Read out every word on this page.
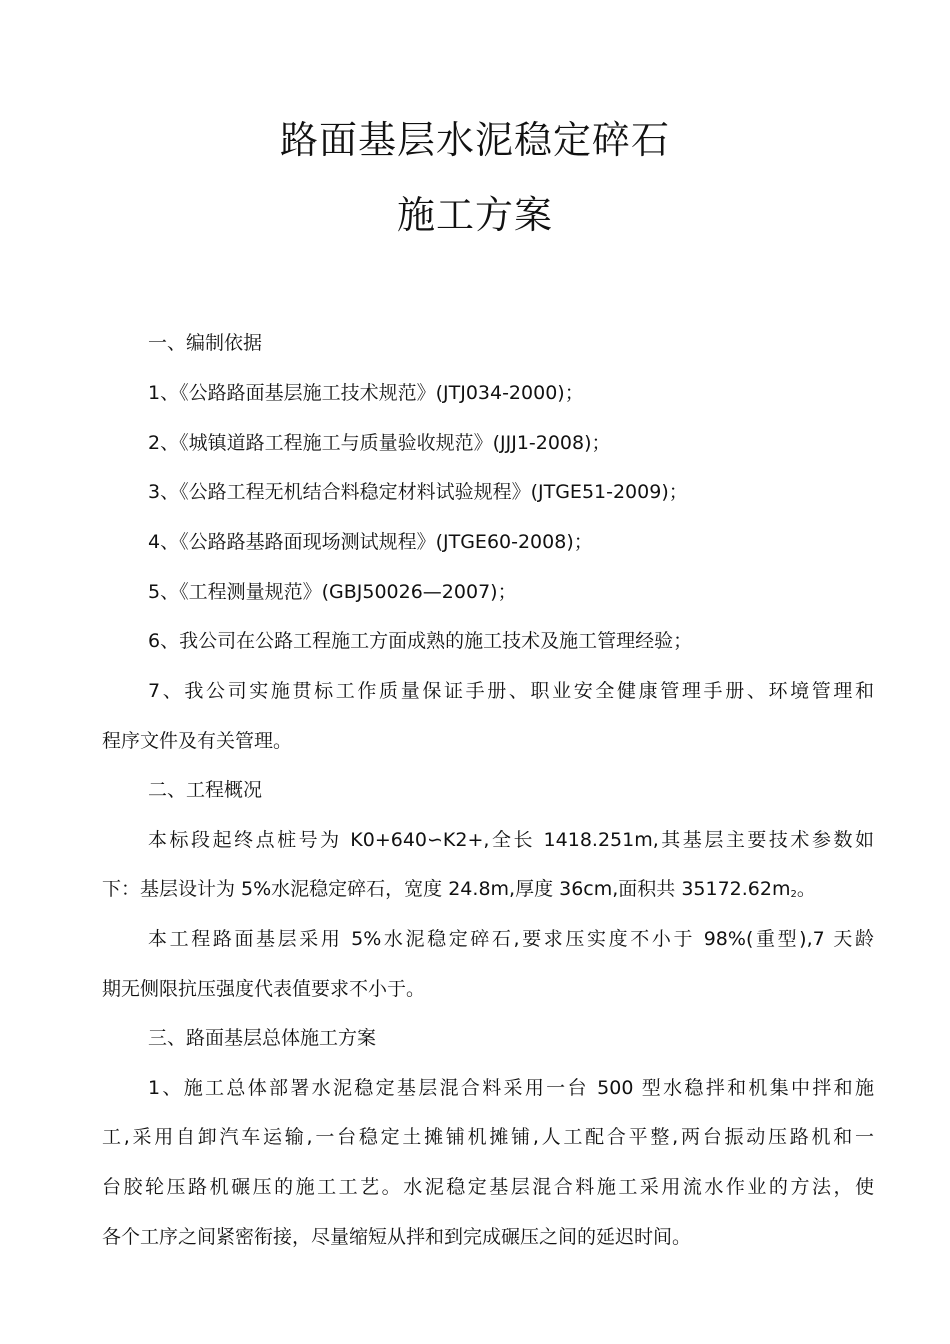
路面基层水泥稳定碎石
施工方案
一、编制依据
1、《公路路面基层施工技术规范》(JTJ034-2000)；
2、《城镇道路工程施工与质量验收规范》(JJJ1-2008)；
3、《公路工程无机结合料稳定材料试验规程》(JTGE51-2009)；
4、《公路路基路面现场测试规程》(JTGE60-2008)；
5、《工程测量规范》(GBJ50026—2007)；
6、我公司在公路工程施工方面成熟的施工技术及施工管理经验；
7、我公司实施贯标工作质量保证手册、职业安全健康管理手册、环境管理和
程序文件及有关管理。
二、工程概况
本标段起终点桩号为 K0+640∽K2+,全长 1418.251m,其基层主要技术参数如
下：基层设计为 5%水泥稳定碎石，宽度 24.8m,厚度 36cm,面积共 $35172.62m_2$。
本工程路面基层采用 5%水泥稳定碎石,要求压实度不小于 98%(重型),7 天龄
期无侧限抗压强度代表值要求不小于。
三、路面基层总体施工方案
1、施工总体部署水泥稳定基层混合料采用一台 500 型水稳拌和机集中拌和施
工,采用自卸汽车运输,一台稳定土摊铺机摊铺,人工配合平整,两台振动压路机和一
台胶轮压路机碾压的施工工艺。水泥稳定基层混合料施工采用流水作业的方法，使
各个工序之间紧密衔接，尽量缩短从拌和到完成碾压之间的延迟时间。
